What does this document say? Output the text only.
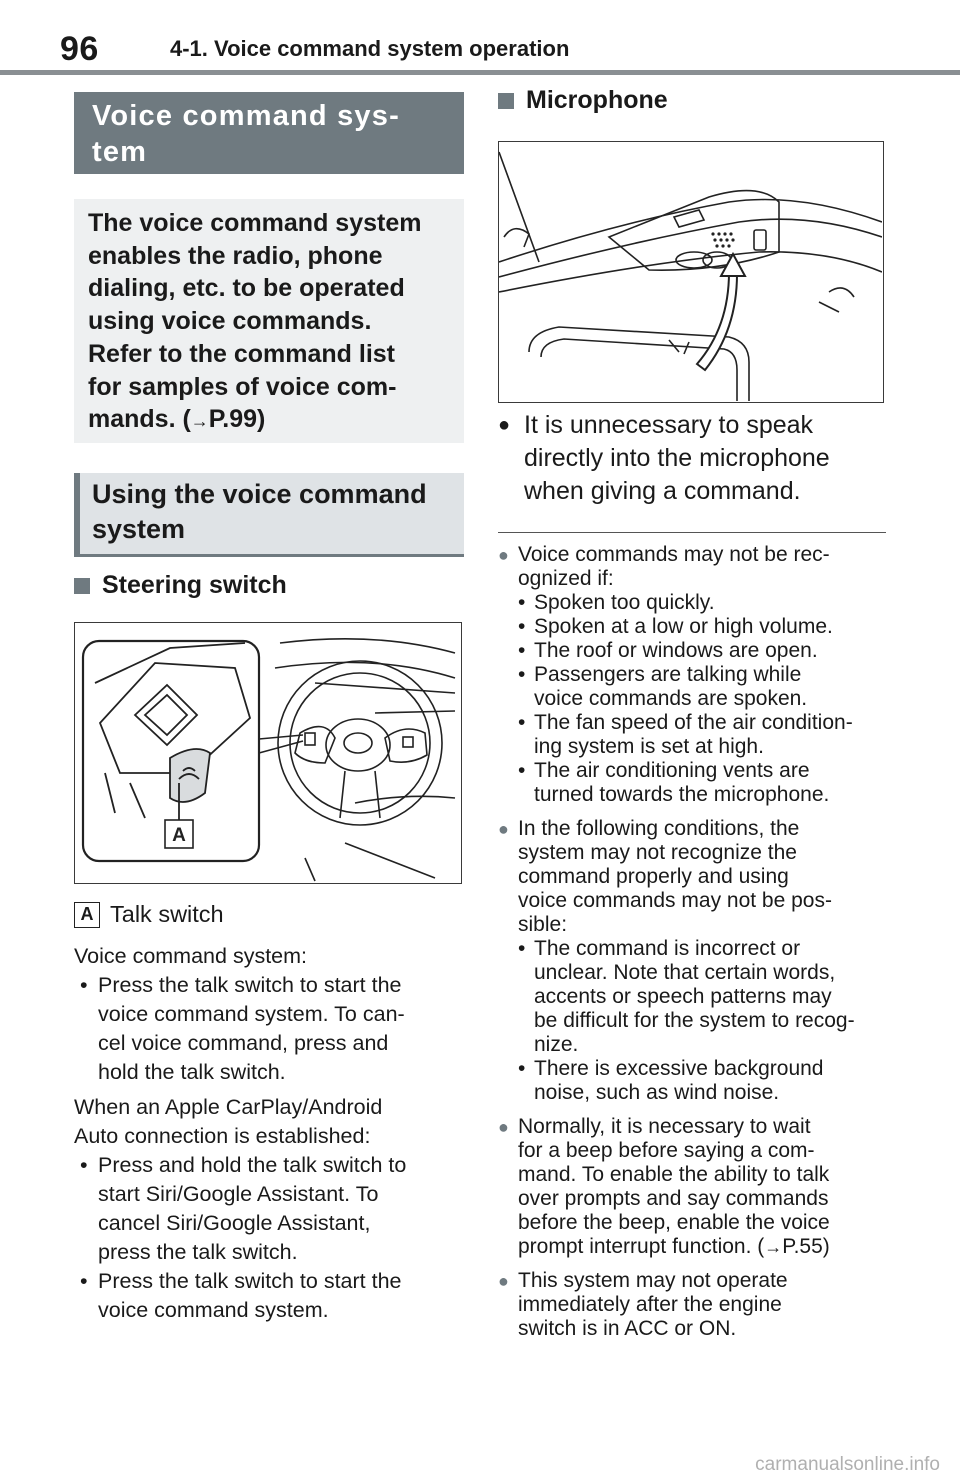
96	4-1. Voice command system operation
Voice command sys-
tem
The voice command system
enables the radio, phone
dialing, etc. to be operated
using voice commands.
Refer to the command list
for samples of voice com-
mands. (→P.99)
Using the voice command
system
Steering switch
A
A Talk switch
Voice command system:
• Press the talk switch to start the
voice command system. To can-
cel voice command, press and
hold the talk switch.
When an Apple CarPlay/Android
Auto connection is established:
• Press and hold the talk switch to
start Siri/Google Assistant. To
cancel Siri/Google Assistant,
press the talk switch.
• Press the talk switch to start the
voice command system.
Microphone
● It is unnecessary to speak
directly into the microphone
when giving a command.
● Voice commands may not be rec-
ognized if:
• Spoken too quickly.
• Spoken at a low or high volume.
• The roof or windows are open.
• Passengers are talking while
voice commands are spoken.
• The fan speed of the air condition-
ing system is set at high.
• The air conditioning vents are
turned towards the microphone.
● In the following conditions, the
system may not recognize the
command properly and using
voice commands may not be pos-
sible:
• The command is incorrect or
unclear. Note that certain words,
accents or speech patterns may
be difficult for the system to recog-
nize.
• There is excessive background
noise, such as wind noise.
● Normally, it is necessary to wait
for a beep before saying a com-
mand. To enable the ability to talk
over prompts and say commands
before the beep, enable the voice
prompt interrupt function. (→P.55)
● This system may not operate
immediately after the engine
switch is in ACC or ON.
carmanualsonline.info
